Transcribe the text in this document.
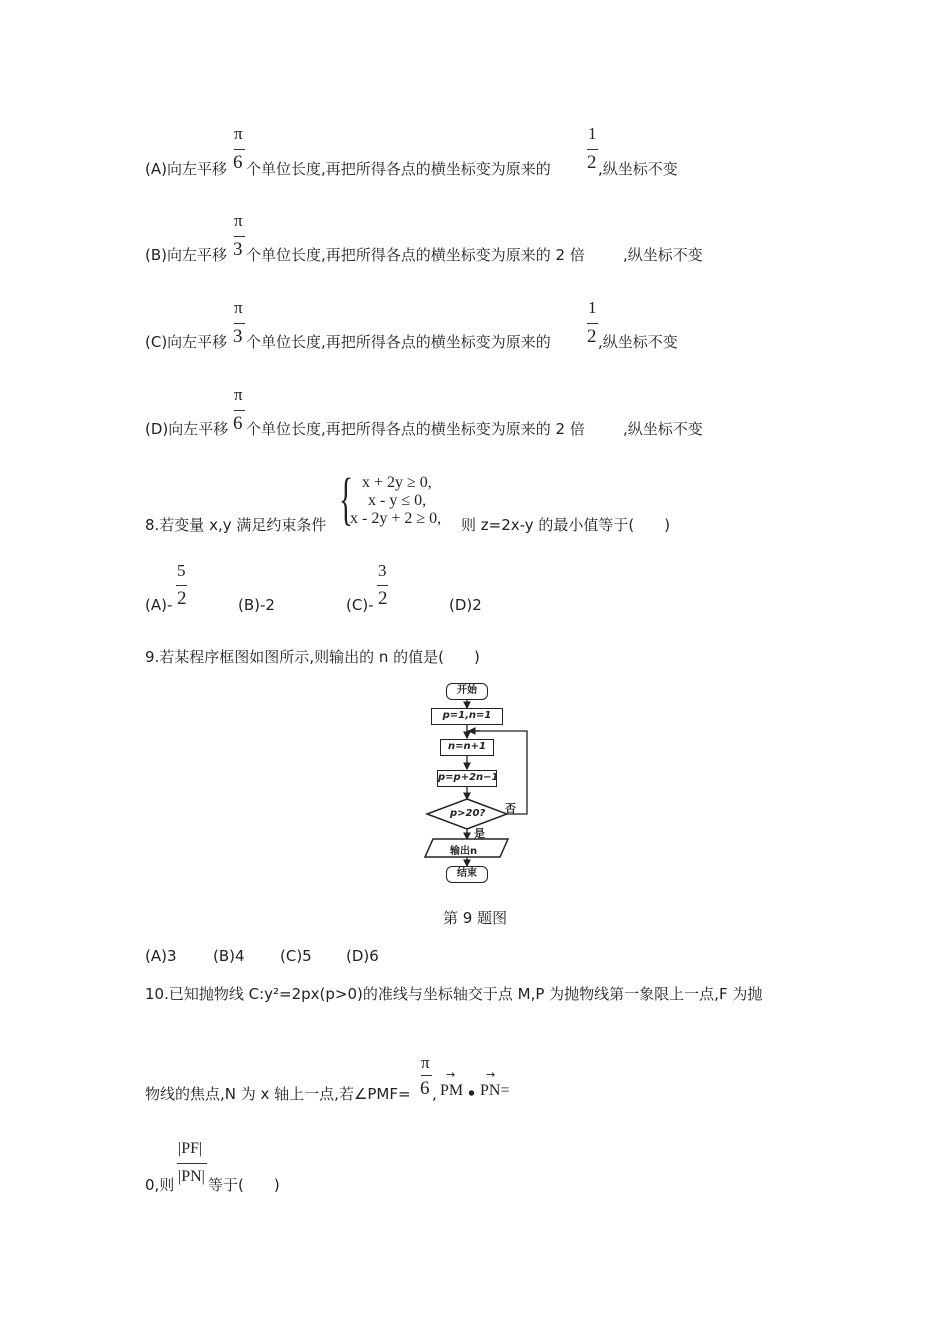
π
6
(A)向左平移 个单位长度,再把所得各点的横坐标变为原来的
1
2 ,纵坐标不变
π
3
(B)向左平移 个单位长度,再把所得各点的横坐标变为原来的 2 倍	,纵坐标不变
π
3
(C)向左平移 个单位长度,再把所得各点的横坐标变为原来的
1
2 ,纵坐标不变
π
6
(D)向左平移 个单位长度,再把所得各点的横坐标变为原来的 2 倍	,纵坐标不变
8.若变量 x,y 满足约束条件 { x + 2y ≥ 0,
x - y ≤ 0,
x - 2y + 2 ≥ 0, 则 z=2x-y 的最小值等于(　　)
(A)-
5
2	(B)-2	(C)-
3
2	(D)2
9.若某程序框图如图所示,则输出的 n 的值是(　　)
开始
p=1,n=1
n=n+1
p=p+2n−1
p>20? 否
是
输出n
结束
第 9 题图
(A)3 (B)4 (C)5 (D)6
10.已知抛物线 C:y²=2px(p>0)的准线与坐标轴交于点 M,P 为抛物线第一象限上一点,F 为抛
物线的焦点,N 为 x 轴上一点,若∠PMF=
π
6 ,
→
PM •
→
PN=
0,则
|PF|
|PN| 等于(　　)
